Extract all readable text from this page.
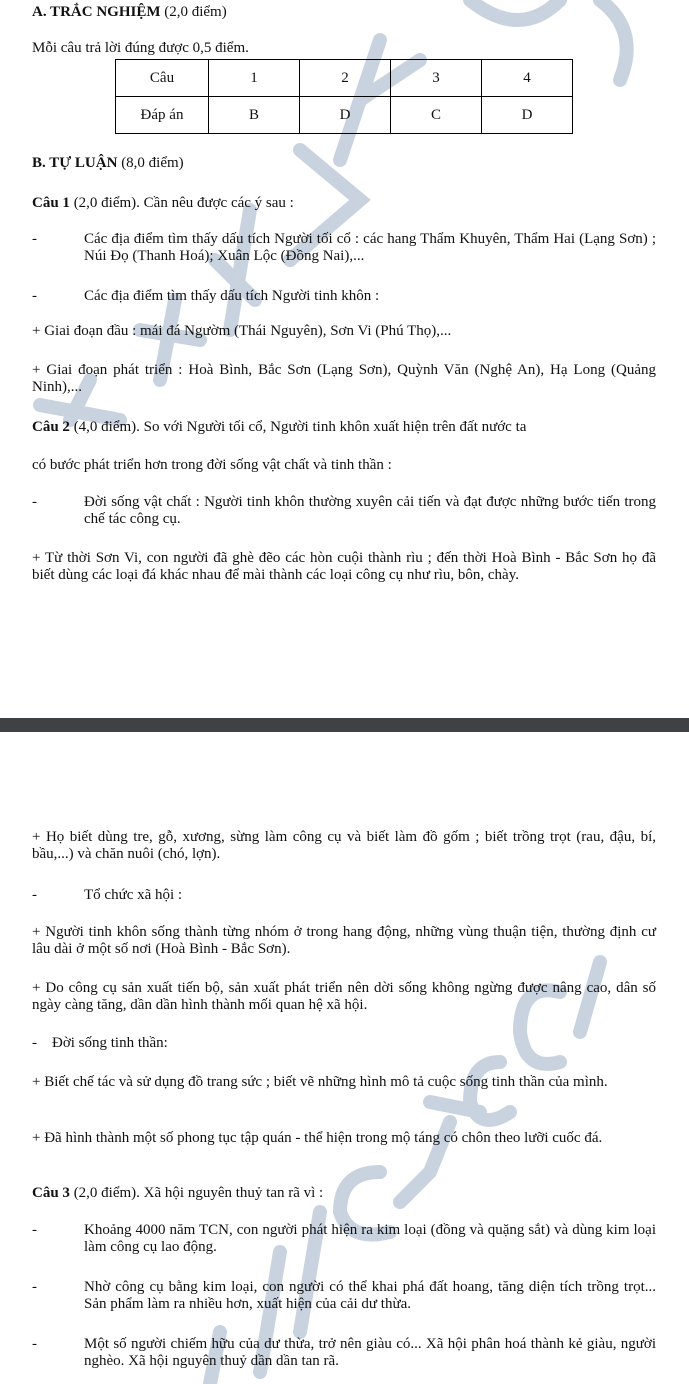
A. TRẮC NGHIỆM (2,0 điểm)
Mỗi câu trả lời đúng được 0,5 điểm.
Câu	1	2	3	4
Đáp án	B	D	C	D
B. TỰ LUẬN (8,0 điểm)
Câu 1 (2,0 điểm). Cần nêu được các ý sau :
-	Các địa điểm tìm thấy dấu tích Người tối cổ : các hang Thẩm Khuyên, Thẩm Hai (Lạng Sơn) ; Núi Đọ (Thanh Hoá); Xuân Lộc (Đồng Nai),...
-	Các địa điểm tìm thấy dấu tích Người tinh khôn :
+ Giai đoạn đầu : mái đá Ngườm (Thái Nguyên), Sơn Vi (Phú Thọ),...
+ Giai đoạn phát triển : Hoà Bình, Bắc Sơn (Lạng Sơn), Quỳnh Văn (Nghệ An), Hạ Long (Quảng Ninh),...
Câu 2 (4,0 điểm). So với Người tối cổ, Người tinh khôn xuất hiện trên đất nước ta
có bước phát triển hơn trong đời sống vật chất và tinh thần :
-	Đời sống vật chất : Người tinh khôn thường xuyên cải tiến và đạt được những bước tiến trong chế tác công cụ.
+ Từ thời Sơn Vi, con người đã ghè đẽo các hòn cuội thành rìu ; đến thời Hoà Bình - Bắc Sơn họ đã biết dùng các loại đá khác nhau để mài thành các loại công cụ như rìu, bôn, chày.
+ Họ biết dùng tre, gỗ, xương, sừng làm công cụ và biết làm đồ gốm ; biết trồng trọt (rau, đậu, bí, bầu,...) và chăn nuôi (chó, lợn).
-	Tổ chức xã hội :
+ Người tinh khôn sống thành từng nhóm ở trong hang động, những vùng thuận tiện, thường định cư lâu dài ở một số nơi (Hoà Bình - Bắc Sơn).
+ Do công cụ sản xuất tiến bộ, sản xuất phát triển nên dời sống không ngừng được nâng cao, dân số ngày càng tăng, dần dần hình thành mối quan hệ xã hội.
- Đời sống tinh thần:
+ Biết chế tác và sử dụng đồ trang sức ; biết vẽ những hình mô tả cuộc sống tinh thần của mình.
+ Đã hình thành một số phong tục tập quán - thể hiện trong mộ táng có chôn theo lưỡi cuốc đá.
Câu 3 (2,0 điểm). Xã hội nguyên thuỷ tan rã vì :
-	Khoảng 4000 năm TCN, con người phát hiện ra kim loại (đồng và quặng sắt) và dùng kim loại làm công cụ lao động.
-	Nhờ công cụ bằng kim loại, con người có thể khai phá đất hoang, tăng diện tích trồng trọt... Sản phẩm làm ra nhiều hơn, xuất hiện của cải dư thừa.
-	Một số người chiếm hữu của dư thừa, trở nên giàu có... Xã hội phân hoá thành kẻ giàu, người nghèo. Xã hội nguyên thuỷ dần dần tan rã.
